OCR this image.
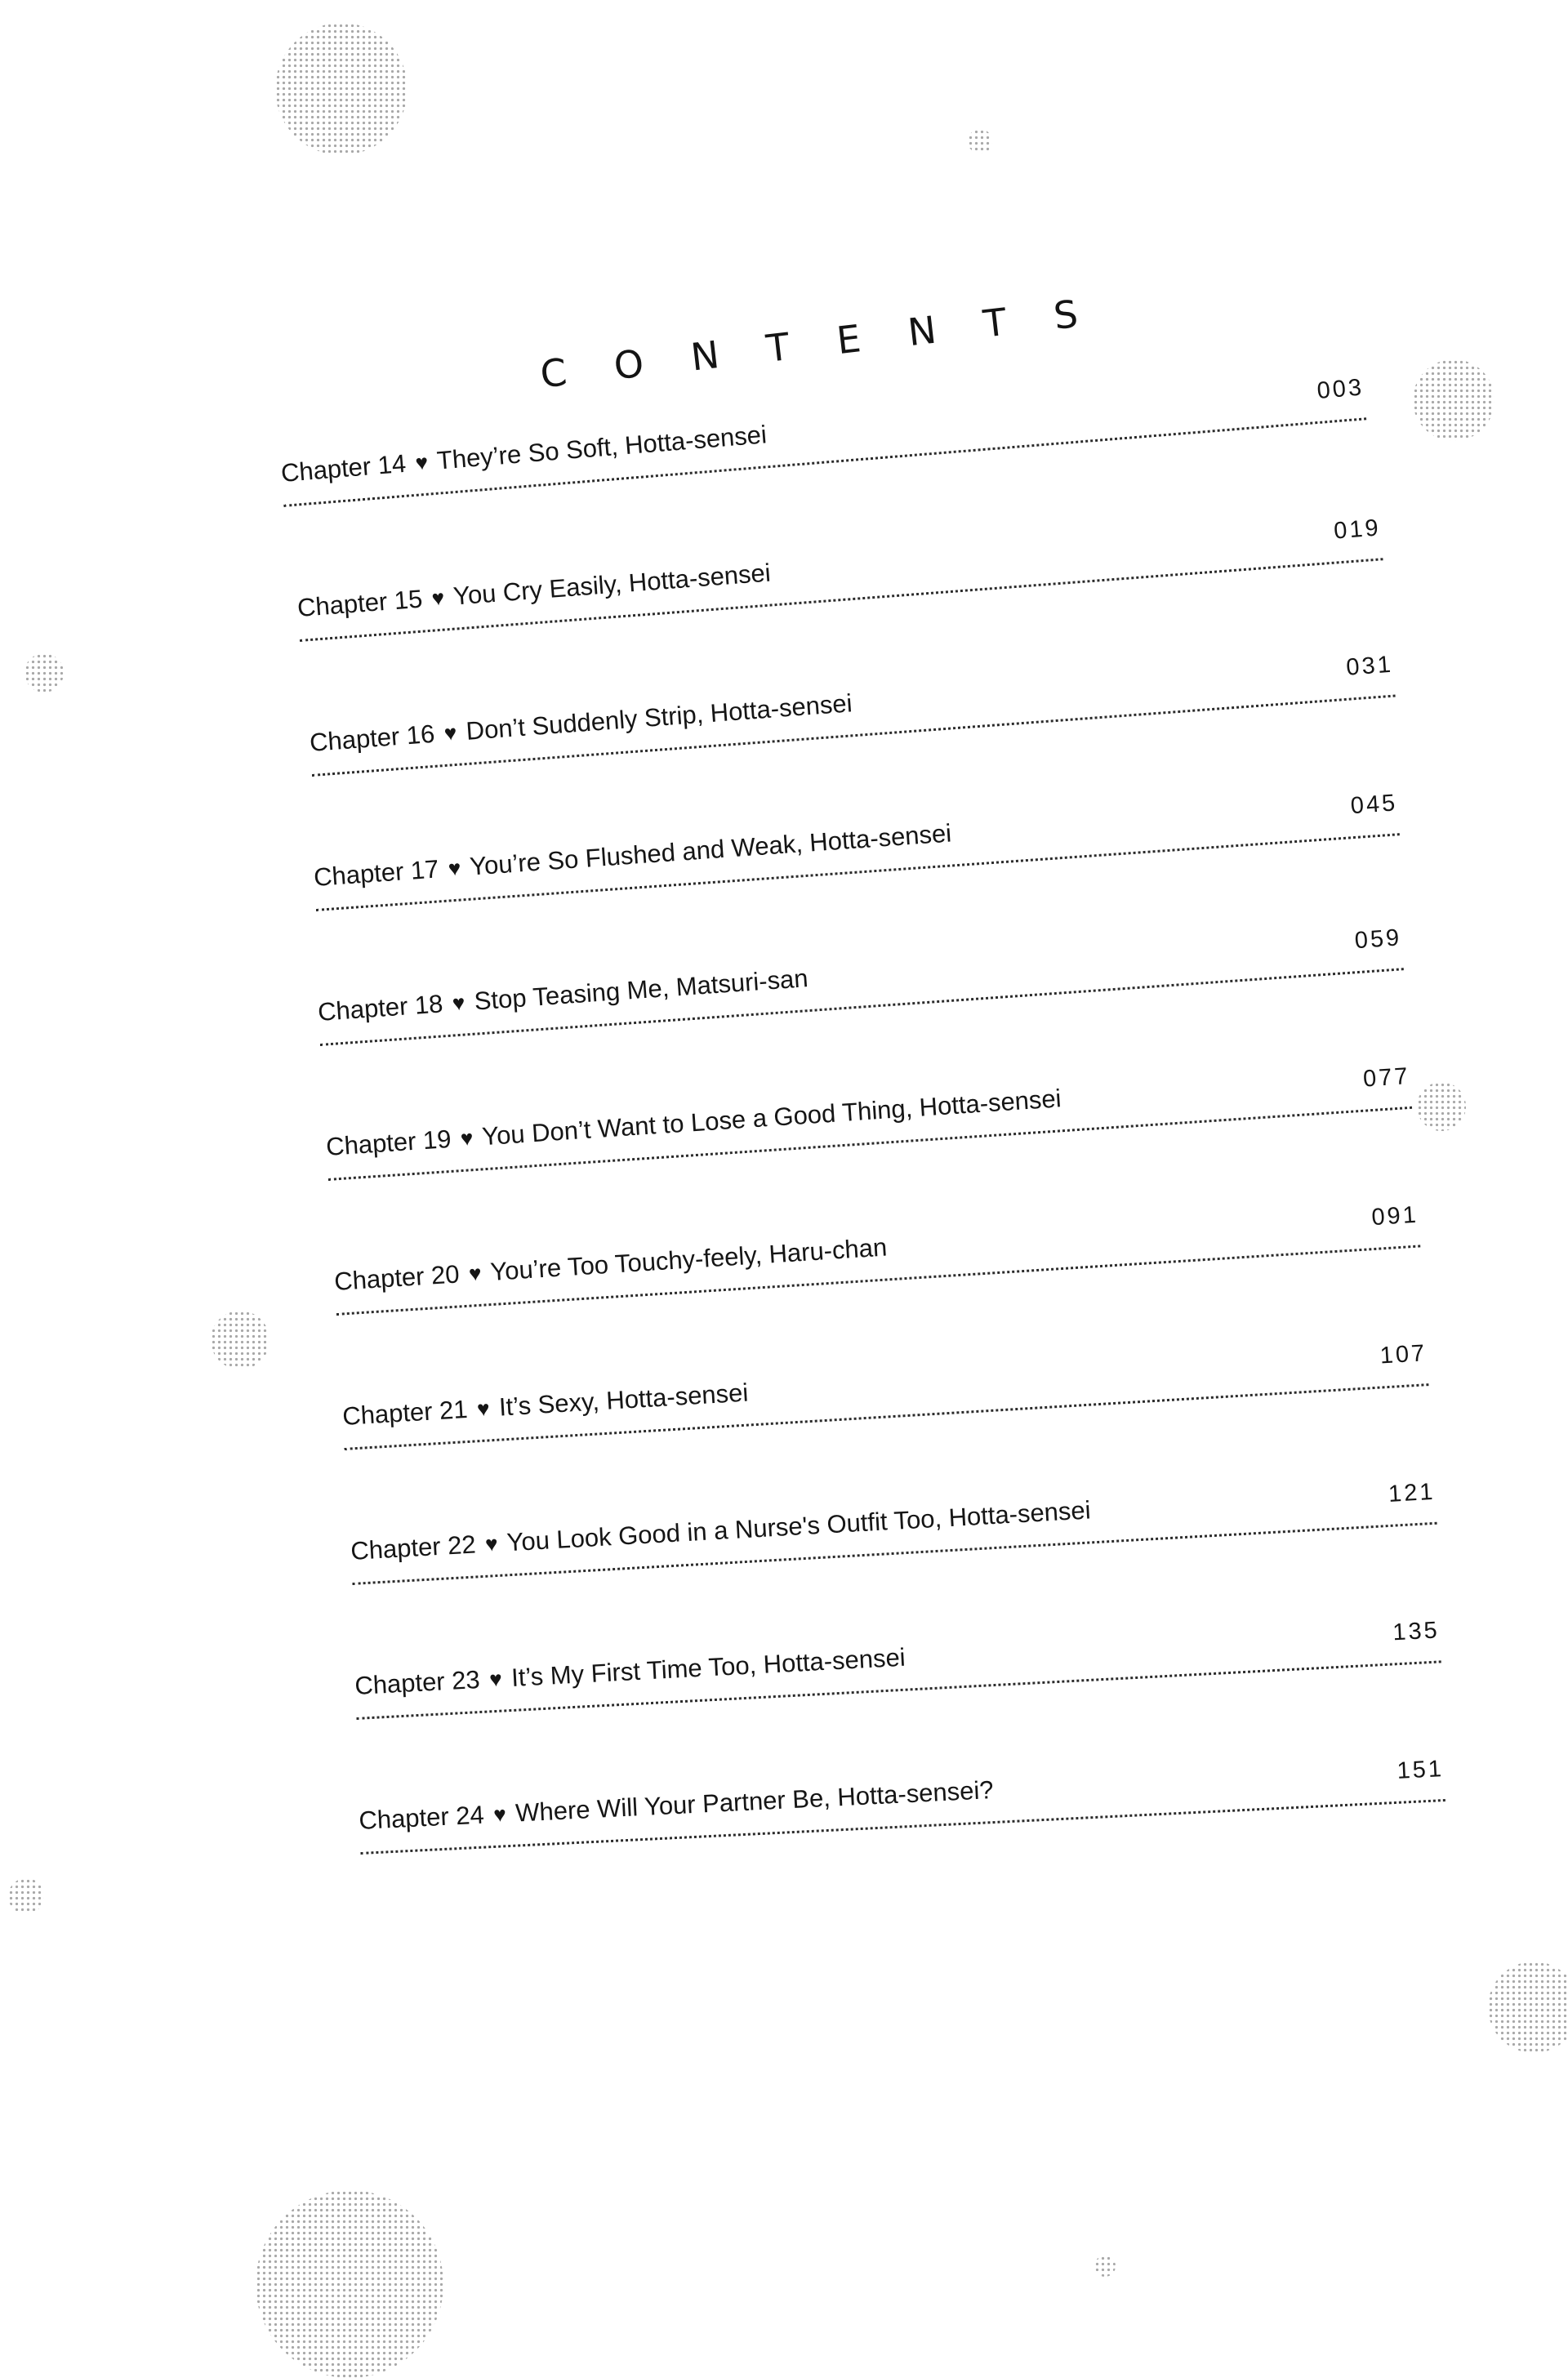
C O N T E N T S
Chapter 14 ♥ They’re So Soft, Hotta-sensei
003
Chapter 15 ♥ You Cry Easily, Hotta-sensei
019
Chapter 16 ♥ Don’t Suddenly Strip, Hotta-sensei
031
Chapter 17 ♥ You’re So Flushed and Weak, Hotta-sensei
045
Chapter 18 ♥ Stop Teasing Me, Matsuri-san
059
Chapter 19 ♥ You Don’t Want to Lose a Good Thing, Hotta-sensei
077
Chapter 20 ♥ You’re Too Touchy-feely, Haru-chan
091
Chapter 21 ♥ It’s Sexy, Hotta-sensei
107
Chapter 22 ♥ You Look Good in a Nurse's Outfit Too, Hotta-sensei
121
Chapter 23 ♥ It’s My First Time Too, Hotta-sensei
135
Chapter 24 ♥ Where Will Your Partner Be, Hotta-sensei?
151
